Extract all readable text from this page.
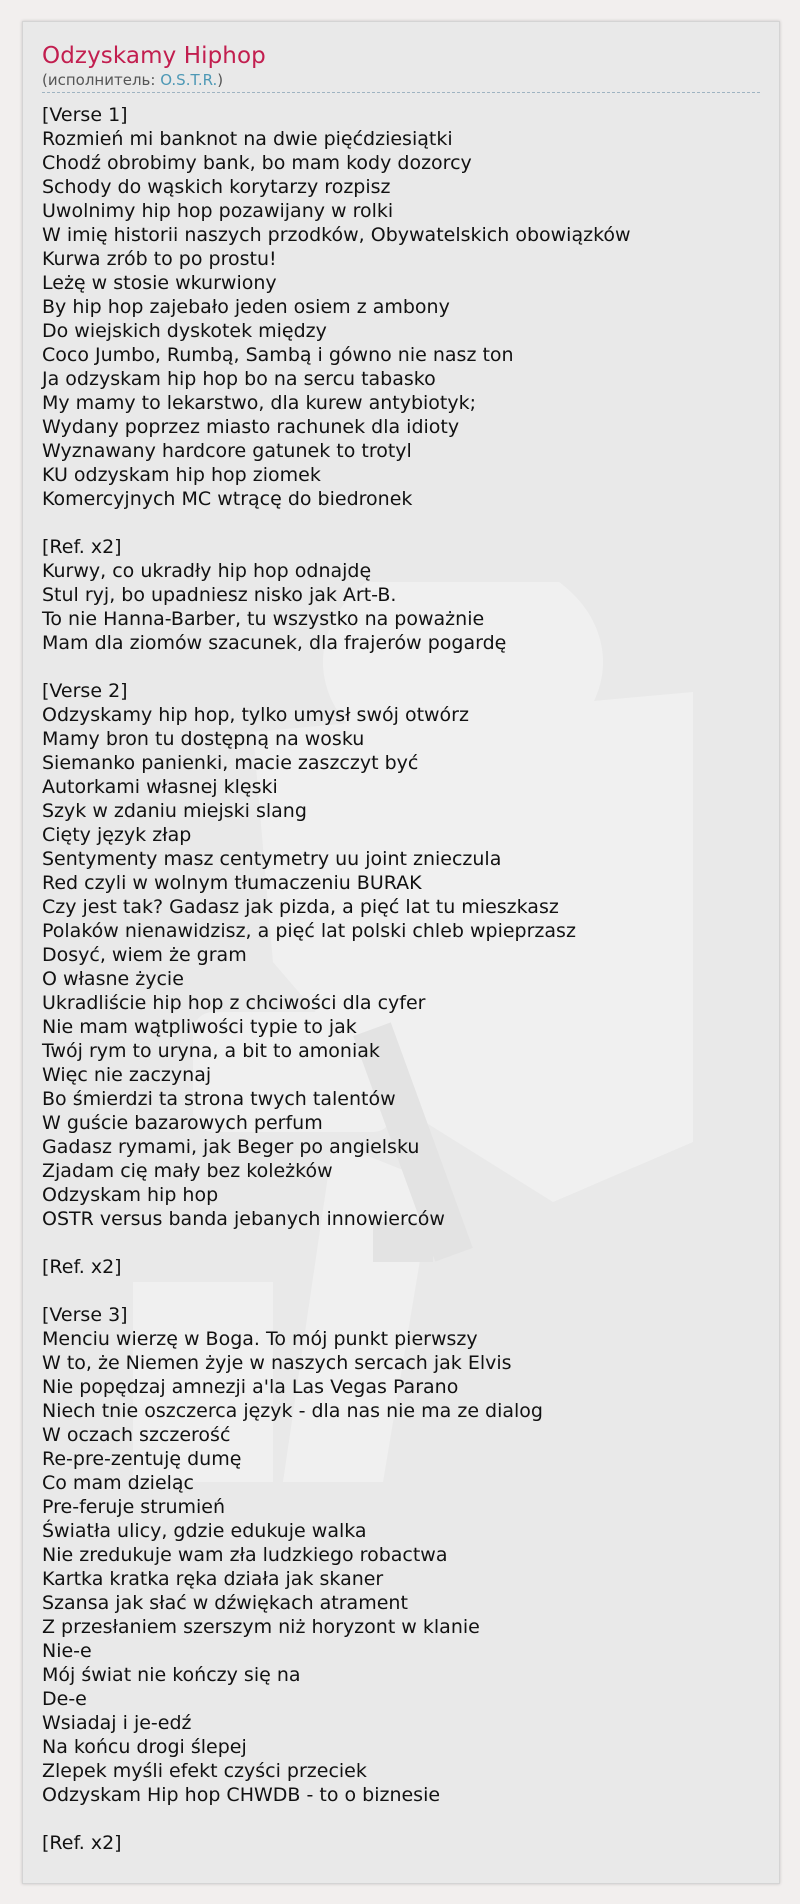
Odzyskamy Hiphop
(исполнитель: O.S.T.R.)
[Verse 1]
Rozmień mi banknot na dwie pięćdziesiątki
Chodź obrobimy bank, bo mam kody dozorcy
Schody do wąskich korytarzy rozpisz
Uwolnimy hip hop pozawijany w rolki
W imię historii naszych przodków, Obywatelskich obowiązków
Kurwa zrób to po prostu!
Leżę w stosie wkurwiony
By hip hop zajebało jeden osiem z ambony
Do wiejskich dyskotek między
Coco Jumbo, Rumbą, Sambą i gówno nie nasz ton
Ja odzyskam hip hop bo na sercu tabasko
My mamy to lekarstwo, dla kurew antybiotyk;
Wydany poprzez miasto rachunek dla idioty
Wyznawany hardcore gatunek to trotyl
KU odzyskam hip hop ziomek
Komercyjnych MC wtrącę do biedronek
[Ref. x2]
Kurwy, co ukradły hip hop odnajdę
Stul ryj, bo upadniesz nisko jak Art-B.
To nie Hanna-Barber, tu wszystko na poważnie
Mam dla ziomów szacunek, dla frajerów pogardę
[Verse 2]
Odzyskamy hip hop, tylko umysł swój otwórz
Mamy bron tu dostępną na wosku
Siemanko panienki, macie zaszczyt być
Autorkami własnej klęski
Szyk w zdaniu miejski slang
Cięty język złap
Sentymenty masz centymetry uu joint znieczula
Red czyli w wolnym tłumaczeniu BURAK
Czy jest tak? Gadasz jak pizda, a pięć lat tu mieszkasz
Polaków nienawidzisz, a pięć lat polski chleb wpieprzasz
Dosyć, wiem że gram
O własne życie
Ukradliście hip hop z chciwości dla cyfer
Nie mam wątpliwości typie to jak
Twój rym to uryna, a bit to amoniak
Więc nie zaczynaj
Bo śmierdzi ta strona twych talentów
W guście bazarowych perfum
Gadasz rymami, jak Beger po angielsku
Zjadam cię mały bez koleżków
Odzyskam hip hop
OSTR versus banda jebanych innowierców
[Ref. x2]
[Verse 3]
Menciu wierzę w Boga. To mój punkt pierwszy
W to, że Niemen żyje w naszych sercach jak Elvis
Nie popędzaj amnezji a'la Las Vegas Parano
Niech tnie oszczerca język - dla nas nie ma ze dialog
W oczach szczerość
Re-pre-zentuję dumę
Co mam dzieląc
Pre-feruje strumień
Światła ulicy, gdzie edukuje walka
Nie zredukuje wam zła ludzkiego robactwa
Kartka kratka ręka działa jak skaner
Szansa jak słać w dźwiękach atrament
Z przesłaniem szerszym niż horyzont w klanie
Nie-e
Mój świat nie kończy się na
De-e
Wsiadaj i je-edź
Na końcu drogi ślepej
Zlepek myśli efekt czyści przeciek
Odzyskam Hip hop CHWDB - to o biznesie
[Ref. x2]
